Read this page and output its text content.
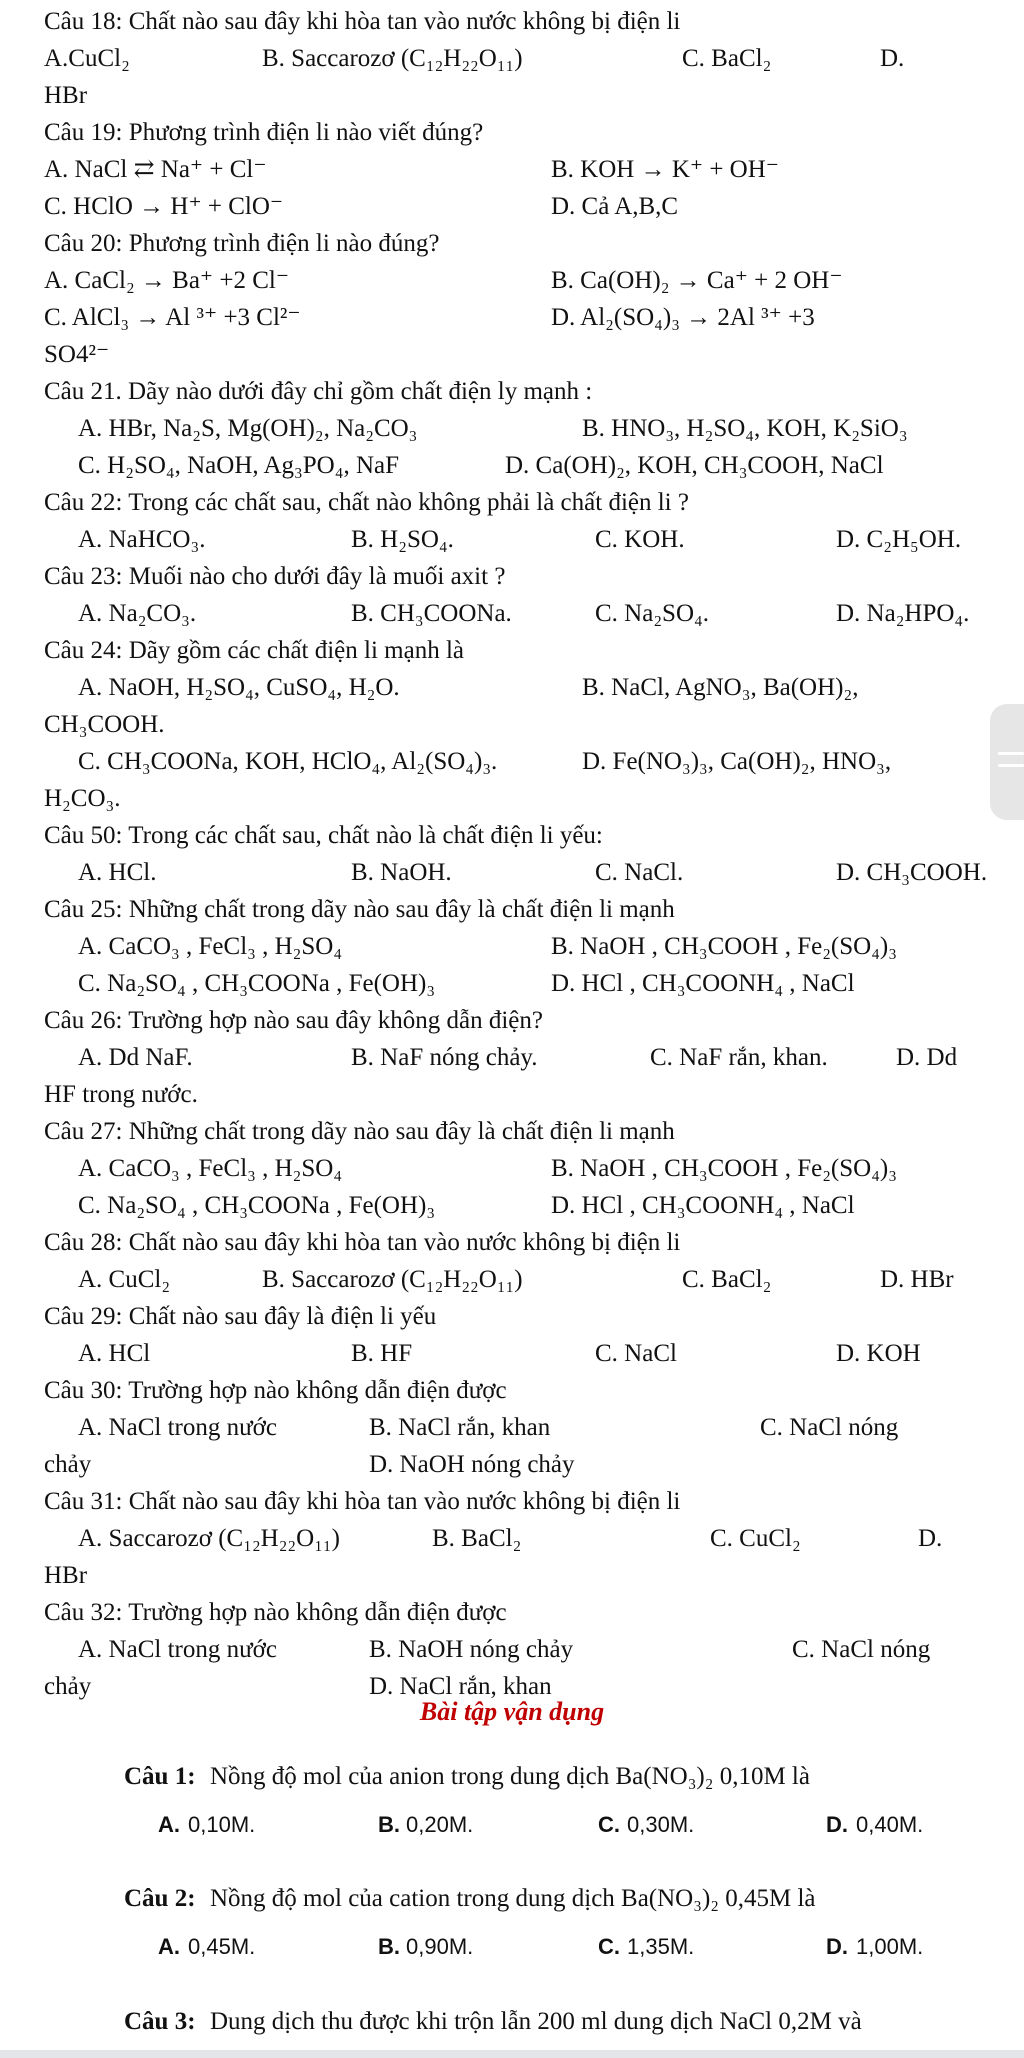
Câu 18: Chất nào sau đây khi hòa tan vào nước không bị điện li
A.CuCl₂	B. Saccarozơ (C₁₂H₂₂O₁₁)	C. BaCl₂	D.
HBr
Câu 19: Phương trình điện li nào viết đúng?
A. NaCl ⇄ Na⁺ + Cl⁻	B. KOH → K⁺ + OH⁻
C. HClO → H⁺ + ClO⁻	D. Cả A,B,C
Câu 20: Phương trình điện li nào đúng?
A. CaCl₂ → Ba⁺ +2 Cl⁻	B. Ca(OH)₂ → Ca⁺ + 2 OH⁻
C. AlCl₃ → Al ³⁺ +3 Cl²⁻	D. Al₂(SO₄)₃ → 2Al ³⁺ +3
SO4²⁻
Câu 21. Dãy nào dưới đây chỉ gồm chất điện ly mạnh :
A. HBr, Na₂S, Mg(OH)₂, Na₂CO₃	B. HNO₃, H₂SO₄, KOH, K₂SiO₃
C. H₂SO₄, NaOH, Ag₃PO₄, NaF	D. Ca(OH)₂, KOH, CH₃COOH, NaCl
Câu 22: Trong các chất sau, chất nào không phải là chất điện li ?
A. NaHCO₃.	B. H₂SO₄.	C. KOH.	D. C₂H₅OH.
Câu 23: Muối nào cho dưới đây là muối axit ?
A. Na₂CO₃.	B. CH₃COONa.	C. Na₂SO₄.	D. Na₂HPO₄.
Câu 24: Dãy gồm các chất điện li mạnh là
A. NaOH, H₂SO₄, CuSO₄, H₂O.	B. NaCl, AgNO₃, Ba(OH)₂,
CH₃COOH.
C. CH₃COONa, KOH, HClO₄, Al₂(SO₄)₃.	D. Fe(NO₃)₃, Ca(OH)₂, HNO₃,
H₂CO₃.
Câu 50: Trong các chất sau, chất nào là chất điện li yếu:
A. HCl.	B. NaOH.	C. NaCl.	D. CH₃COOH.
Câu 25: Những chất trong dãy nào sau đây là chất điện li mạnh
A. CaCO₃ , FeCl₃ , H₂SO₄	B. NaOH , CH₃COOH , Fe₂(SO₄)₃
C. Na₂SO₄ , CH₃COONa , Fe(OH)₃	D. HCl , CH₃COONH₄ , NaCl
Câu 26: Trường hợp nào sau đây không dẫn điện?
A. Dd NaF.	B. NaF nóng chảy.	C. NaF rắn, khan.	D. Dd
HF trong nước.
Câu 27: Những chất trong dãy nào sau đây là chất điện li mạnh
A. CaCO₃ , FeCl₃ , H₂SO₄	B. NaOH , CH₃COOH , Fe₂(SO₄)₃
C. Na₂SO₄ , CH₃COONa , Fe(OH)₃	D. HCl , CH₃COONH₄ , NaCl
Câu 28: Chất nào sau đây khi hòa tan vào nước không bị điện li
A. CuCl₂	B. Saccarozơ (C₁₂H₂₂O₁₁)	C. BaCl₂	D. HBr
Câu 29: Chất nào sau đây là điện li yếu
A. HCl	B. HF	C. NaCl	D. KOH
Câu 30: Trường hợp nào không dẫn điện được
A. NaCl trong nước	B. NaCl rắn, khan	C. NaCl nóng
chảy	D. NaOH nóng chảy
Câu 31: Chất nào sau đây khi hòa tan vào nước không bị điện li
A. Saccarozơ (C₁₂H₂₂O₁₁)	B. BaCl₂	C. CuCl₂	D.
HBr
Câu 32: Trường hợp nào không dẫn điện được
A. NaCl trong nước	B. NaOH nóng chảy	C. NaCl nóng
chảy	D. NaCl rắn, khan
Bài tập vận dụng
Câu 1: Nồng độ mol của anion trong dung dịch Ba(NO₃)₂ 0,10M là
A. 0,10M.	B. 0,20M.	C. 0,30M.	D. 0,40M.
Câu 2: Nồng độ mol của cation trong dung dịch Ba(NO₃)₂ 0,45M là
A. 0,45M.	B. 0,90M.	C. 1,35M.	D. 1,00M.
Câu 3: Dung dịch thu được khi trộn lẫn 200 ml dung dịch NaCl 0,2M và
